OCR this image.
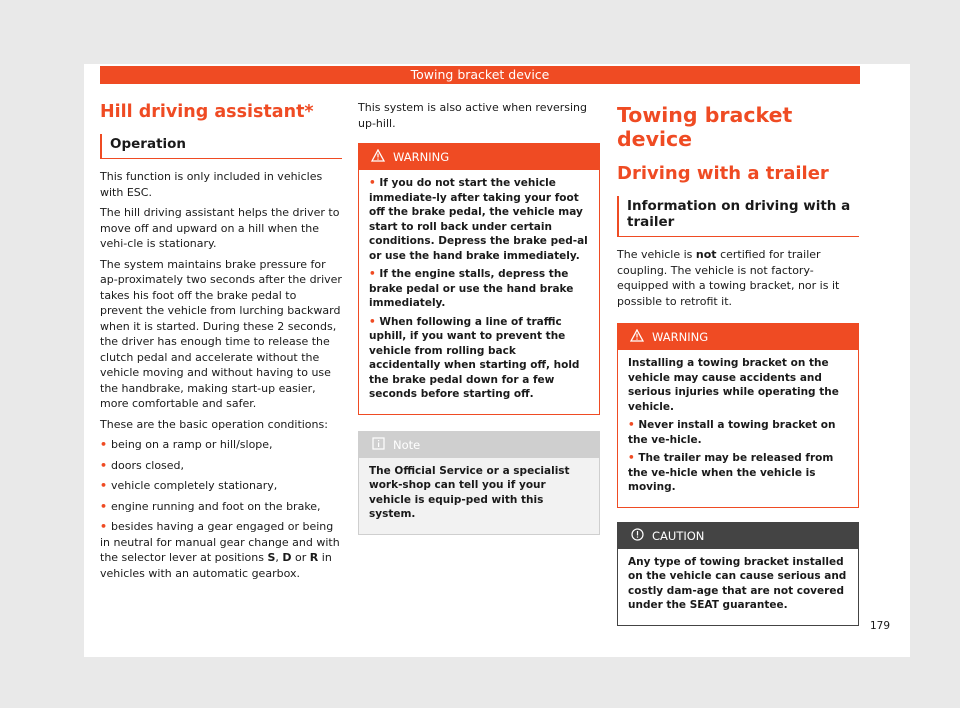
Towing bracket device
Hill driving assistant*
Operation

This function is only included in vehicles with ESC.

The hill driving assistant helps the driver to move off and upward on a hill when the vehi-cle is stationary.

The system maintains brake pressure for ap-proximately two seconds after the driver takes his foot off the brake pedal to prevent the vehicle from lurching backward when it is started. During these 2 seconds, the driver has enough time to release the clutch pedal and accelerate without the vehicle moving and without having to use the handbrake, making start-up easier, more comfortable and safer.

These are the basic operation conditions:

• being on a ramp or hill/slope,

• doors closed,

• vehicle completely stationary,

• engine running and foot on the brake,

• besides having a gear engaged or being in neutral for manual gear change and with the selector lever at positions S, D or R in vehicles with an automatic gearbox.

This system is also active when reversing up-hill.

WARNING

• If you do not start the vehicle immediate-ly after taking your foot off the brake pedal, the vehicle may start to roll back under certain conditions. Depress the brake ped-al or use the hand brake immediately.

• If the engine stalls, depress the brake pedal or use the hand brake immediately.

• When following a line of traffic uphill, if you want to prevent the vehicle from rolling back accidentally when starting off, hold the brake pedal down for a few seconds before starting off.

Note

The Official Service or a specialist work-shop can tell you if your vehicle is equip-ped with this system.

Towing bracket device
Driving with a trailer
Information on driving with a trailer

The vehicle is not certified for trailer coupling. The vehicle is not factory-equipped with a towing bracket, nor is it possible to retrofit it.

WARNING

Installing a towing bracket on the vehicle may cause accidents and serious injuries while operating the vehicle.

• Never install a towing bracket on the ve-hicle.

• The trailer may be released from the ve-hicle when the vehicle is moving.

CAUTION

Any type of towing bracket installed on the vehicle can cause serious and costly dam-age that are not covered under the SEAT guarantee.

179
